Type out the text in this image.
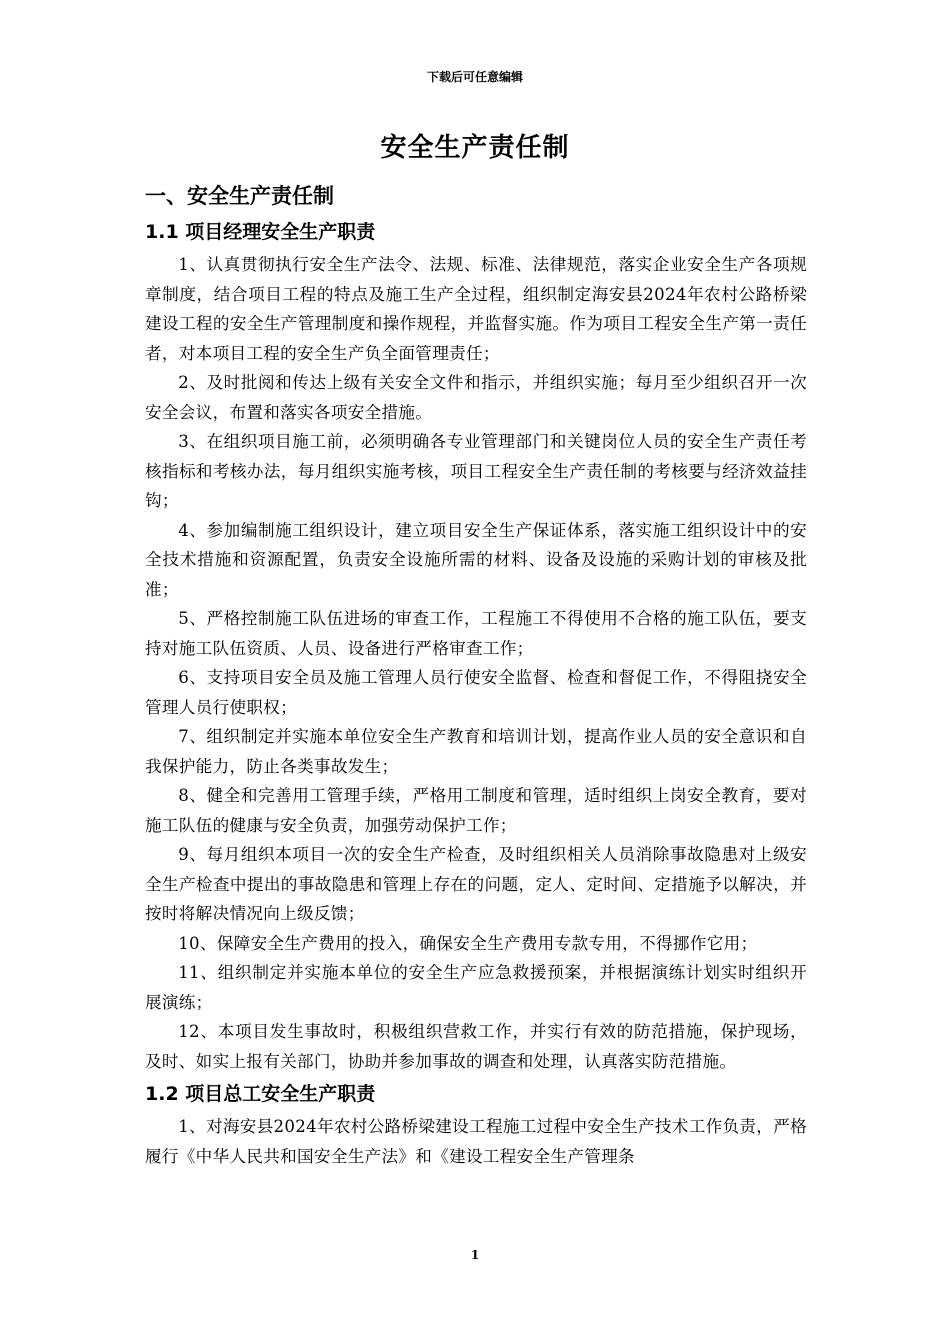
下载后可任意编辑
安全生产责任制
一、安全生产责任制
1.1 项目经理安全生产职责

1、认真贯彻执行安全生产法令、法规、标准、法律规范，落实企业安全生产各项规章制度，结合项目工程的特点及施工生产全过程，组织制定海安县2024年农村公路桥梁建设工程的安全生产管理制度和操作规程，并监督实施。作为项目工程安全生产第一责任者，对本项目工程的安全生产负全面管理责任；

2、及时批阅和传达上级有关安全文件和指示，并组织实施；每月至少组织召开一次安全会议，布置和落实各项安全措施。

3、在组织项目施工前，必须明确各专业管理部门和关键岗位人员的安全生产责任考核指标和考核办法，每月组织实施考核，项目工程安全生产责任制的考核要与经济效益挂钩；

4、参加编制施工组织设计，建立项目安全生产保证体系，落实施工组织设计中的安全技术措施和资源配置，负责安全设施所需的材料、设备及设施的采购计划的审核及批准；

5、严格控制施工队伍进场的审查工作，工程施工不得使用不合格的施工队伍，要支持对施工队伍资质、人员、设备进行严格审查工作；

6、支持项目安全员及施工管理人员行使安全监督、检查和督促工作，不得阻挠安全管理人员行使职权；

7、组织制定并实施本单位安全生产教育和培训计划，提高作业人员的安全意识和自我保护能力，防止各类事故发生；

8、健全和完善用工管理手续，严格用工制度和管理，适时组织上岗安全教育，要对施工队伍的健康与安全负责，加强劳动保护工作；

9、每月组织本项目一次的安全生产检查，及时组织相关人员消除事故隐患对上级安全生产检查中提出的事故隐患和管理上存在的问题，定人、定时间、定措施予以解决，并按时将解决情况向上级反馈；

10、保障安全生产费用的投入，确保安全生产费用专款专用，不得挪作它用；

11、组织制定并实施本单位的安全生产应急救援预案，并根据演练计划实时组织开展演练；

12、本项目发生事故时，积极组织营救工作，并实行有效的防范措施，保护现场，及时、如实上报有关部门，协助并参加事故的调查和处理，认真落实防范措施。

1.2 项目总工安全生产职责

1、对海安县2024年农村公路桥梁建设工程施工过程中安全生产技术工作负责，严格履行《中华人民共和国安全生产法》和《建设工程安全生产管理条

1
